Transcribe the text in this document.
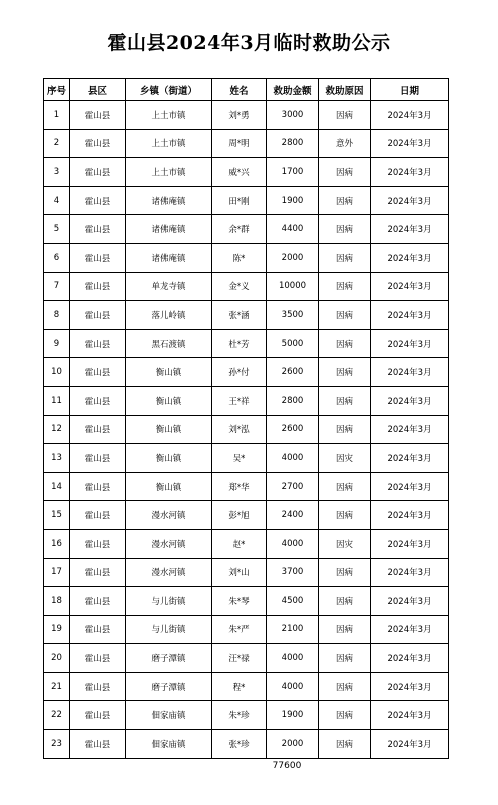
霍山县2024年3月临时救助公示
序号	县区	乡镇（街道）	姓名	救助金额	救助原因	日期
1	霍山县	上土市镇	刘*勇	3000	因病	2024年3月
2	霍山县	上土市镇	周*明	2800	意外	2024年3月
3	霍山县	上土市镇	威*兴	1700	因病	2024年3月
4	霍山县	诸佛庵镇	田*刚	1900	因病	2024年3月
5	霍山县	诸佛庵镇	余*群	4400	因病	2024年3月
6	霍山县	诸佛庵镇	陈*	2000	因病	2024年3月
7	霍山县	单龙寺镇	金*义	10000	因病	2024年3月
8	霍山县	落儿岭镇	张*涵	3500	因病	2024年3月
9	霍山县	黑石渡镇	杜*芳	5000	因病	2024年3月
10	霍山县	衡山镇	孙*付	2600	因病	2024年3月
11	霍山县	衡山镇	王*祥	2800	因病	2024年3月
12	霍山县	衡山镇	刘*泓	2600	因病	2024年3月
13	霍山县	衡山镇	吴*	4000	因灾	2024年3月
14	霍山县	衡山镇	郑*华	2700	因病	2024年3月
15	霍山县	漫水河镇	彭*旭	2400	因病	2024年3月
16	霍山县	漫水河镇	赵*	4000	因灾	2024年3月
17	霍山县	漫水河镇	刘*山	3700	因病	2024年3月
18	霍山县	与儿街镇	朱*琴	4500	因病	2024年3月
19	霍山县	与儿街镇	朱*严	2100	因病	2024年3月
20	霍山县	磨子潭镇	汪*禄	4000	因病	2024年3月
21	霍山县	磨子潭镇	程*	4000	因病	2024年3月
22	霍山县	佃家庙镇	朱*珍	1900	因病	2024年3月
23	霍山县	佃家庙镇	张*珍	2000	因病	2024年3月
77600
